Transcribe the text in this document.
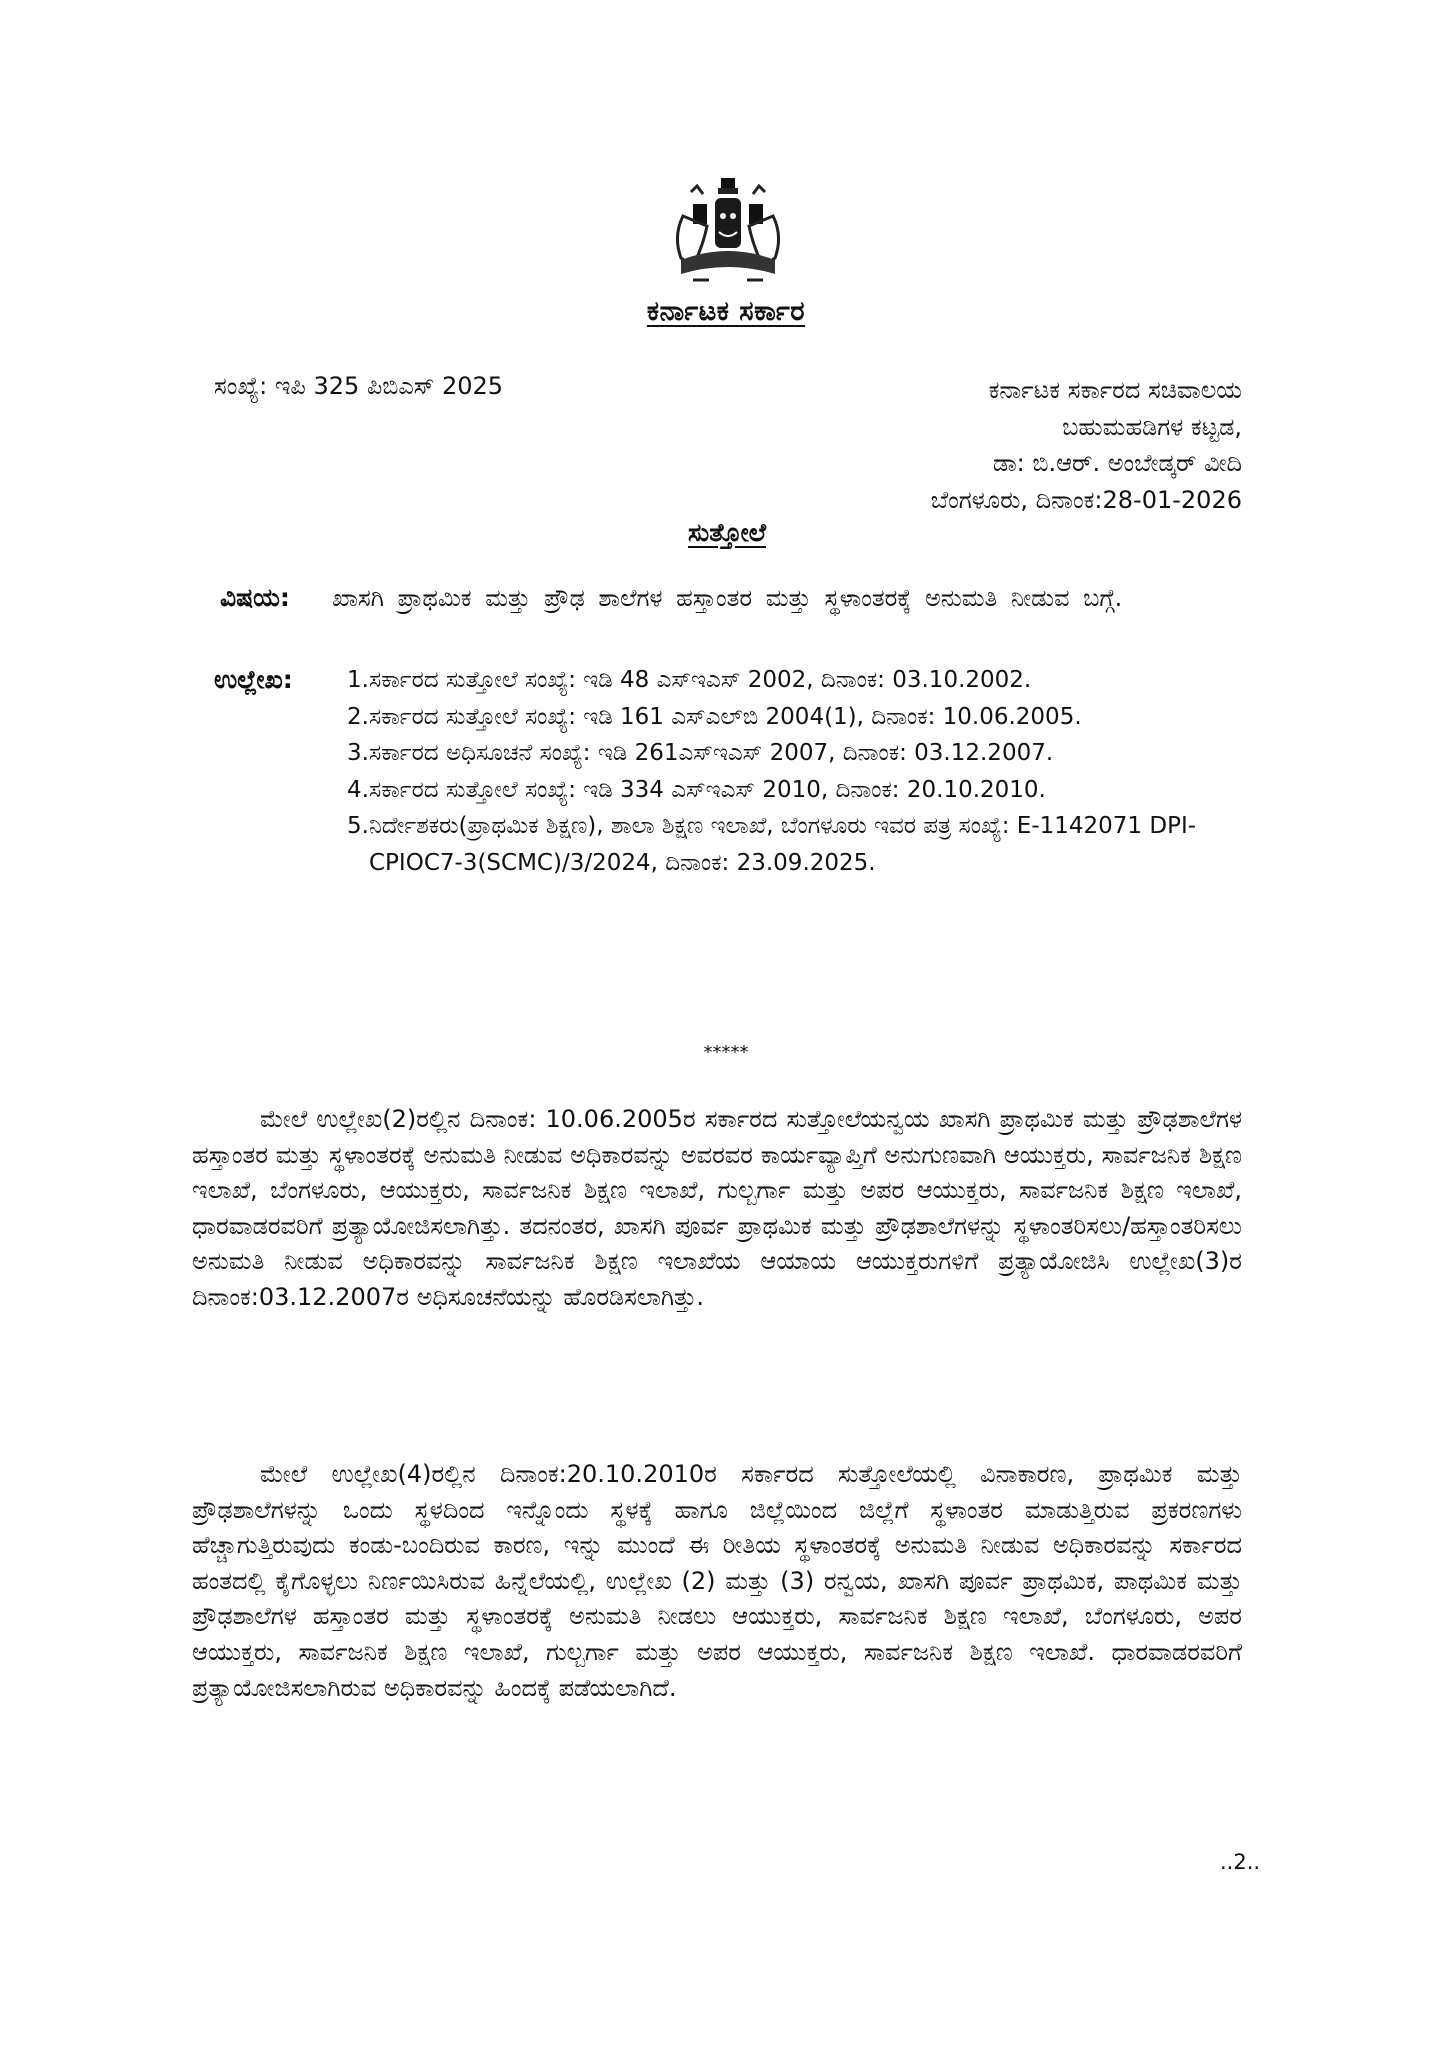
ಕರ್ನಾಟಕ ಸರ್ಕಾರ
ಸಂಖ್ಯೆ: ಇಪಿ 325 ಪಿಬಿಎಸ್ 2025	ಕರ್ನಾಟಕ ಸರ್ಕಾರದ ಸಚಿವಾಲಯ
ಬಹುಮಹಡಿಗಳ ಕಟ್ಟಡ,
ಡಾ: ಬಿ.ಆರ್. ಅಂಬೇಡ್ಕರ್ ವೀದಿ
ಬೆಂಗಳೂರು, ದಿನಾಂಕ:28-01-2026
ಸುತ್ತೋಲೆ
ವಿಷಯ: ಖಾಸಗಿ ಪ್ರಾಥಮಿಕ ಮತ್ತು ಪ್ರೌಢ ಶಾಲೆಗಳ ಹಸ್ತಾಂತರ ಮತ್ತು ಸ್ಥಳಾಂತರಕ್ಕೆ ಅನುಮತಿ ನೀಡುವ ಬಗ್ಗೆ.
ಉಲ್ಲೇಖ: 1. ಸರ್ಕಾರದ ಸುತ್ತೋಲೆ ಸಂಖ್ಯೆ: ಇಡಿ 48 ಎಸ್‌ಇಎಸ್ 2002, ದಿನಾಂಕ: 03.10.2002.
2. ಸರ್ಕಾರದ ಸುತ್ತೋಲೆ ಸಂಖ್ಯೆ: ಇಡಿ 161 ಎಸ್‌ಎಲ್‌ಬಿ 2004(1), ದಿನಾಂಕ: 10.06.2005.
3. ಸರ್ಕಾರದ ಅಧಿಸೂಚನೆ ಸಂಖ್ಯೆ: ಇಡಿ 261ಎಸ್‌ಇಎಸ್ 2007, ದಿನಾಂಕ: 03.12.2007.
4. ಸರ್ಕಾರದ ಸುತ್ತೋಲೆ ಸಂಖ್ಯೆ: ಇಡಿ 334 ಎಸ್‌ಇಎಸ್ 2010, ದಿನಾಂಕ: 20.10.2010.
5. ನಿರ್ದೇಶಕರು(ಪ್ರಾಥಮಿಕ ಶಿಕ್ಷಣ), ಶಾಲಾ ಶಿಕ್ಷಣ ಇಲಾಖೆ, ಬೆಂಗಳೂರು ಇವರ ಪತ್ರ ಸಂಖ್ಯೆ: E-1142071 DPI-CPIOC7-3(SCMC)/3/2024, ದಿನಾಂಕ: 23.09.2025.
*****

ಮೇಲೆ ಉಲ್ಲೇಖ(2)ರಲ್ಲಿನ ದಿನಾಂಕ: 10.06.2005ರ ಸರ್ಕಾರದ ಸುತ್ತೋಲೆಯನ್ವಯ ಖಾಸಗಿ ಪ್ರಾಥಮಿಕ ಮತ್ತು ಪ್ರೌಢಶಾಲೆಗಳ ಹಸ್ತಾಂತರ ಮತ್ತು ಸ್ಥಳಾಂತರಕ್ಕೆ ಅನುಮತಿ ನೀಡುವ ಅಧಿಕಾರವನ್ನು ಅವರವರ ಕಾರ್ಯವ್ಯಾಪ್ತಿಗೆ ಅನುಗುಣವಾಗಿ ಆಯುಕ್ತರು, ಸಾರ್ವಜನಿಕ ಶಿಕ್ಷಣ ಇಲಾಖೆ, ಬೆಂಗಳೂರು, ಆಯುಕ್ತರು, ಸಾರ್ವಜನಿಕ ಶಿಕ್ಷಣ ಇಲಾಖೆ, ಗುಲ್ಬರ್ಗಾ ಮತ್ತು ಅಪರ ಆಯುಕ್ತರು, ಸಾರ್ವಜನಿಕ ಶಿಕ್ಷಣ ಇಲಾಖೆ, ಧಾರವಾಡರವರಿಗೆ ಪ್ರತ್ಯಾಯೋಜಿಸಲಾಗಿತ್ತು. ತದನಂತರ, ಖಾಸಗಿ ಪೂರ್ವ ಪ್ರಾಥಮಿಕ ಮತ್ತು ಪ್ರೌಢಶಾಲೆಗಳನ್ನು ಸ್ಥಳಾಂತರಿಸಲು/ಹಸ್ತಾಂತರಿಸಲು ಅನುಮತಿ ನೀಡುವ ಅಧಿಕಾರವನ್ನು ಸಾರ್ವಜನಿಕ ಶಿಕ್ಷಣ ಇಲಾಖೆಯ ಆಯಾಯ ಆಯುಕ್ತರುಗಳಿಗೆ ಪ್ರತ್ಯಾಯೋಜಿಸಿ ಉಲ್ಲೇಖ(3)ರ ದಿನಾಂಕ:03.12.2007ರ ಅಧಿಸೂಚನೆಯನ್ನು ಹೊರಡಿಸಲಾಗಿತ್ತು.

ಮೇಲೆ ಉಲ್ಲೇಖ(4)ರಲ್ಲಿನ ದಿನಾಂಕ:20.10.2010ರ ಸರ್ಕಾರದ ಸುತ್ತೋಲೆಯಲ್ಲಿ ವಿನಾಕಾರಣ, ಪ್ರಾಥಮಿಕ ಮತ್ತು ಪ್ರೌಢಶಾಲೆಗಳನ್ನು ಒಂದು ಸ್ಥಳದಿಂದ ಇನ್ನೊಂದು ಸ್ಥಳಕ್ಕೆ ಹಾಗೂ ಜಿಲ್ಲೆಯಿಂದ ಜಿಲ್ಲೆಗೆ ಸ್ಥಳಾಂತರ ಮಾಡುತ್ತಿರುವ ಪ್ರಕರಣಗಳು ಹೆಚ್ಚಾಗುತ್ತಿರುವುದು ಕಂಡು-ಬಂದಿರುವ ಕಾರಣ, ಇನ್ನು ಮುಂದೆ ಈ ರೀತಿಯ ಸ್ಥಳಾಂತರಕ್ಕೆ ಅನುಮತಿ ನೀಡುವ ಅಧಿಕಾರವನ್ನು ಸರ್ಕಾರದ ಹಂತದಲ್ಲಿ ಕೈಗೊಳ್ಳಲು ನಿರ್ಣಯಿಸಿರುವ ಹಿನ್ನೆಲೆಯಲ್ಲಿ, ಉಲ್ಲೇಖ (2) ಮತ್ತು (3) ರನ್ವಯ, ಖಾಸಗಿ ಪೂರ್ವ ಪ್ರಾಥಮಿಕ, ಪಾಥಮಿಕ ಮತ್ತು ಪ್ರೌಢಶಾಲೆಗಳ ಹಸ್ತಾಂತರ ಮತ್ತು ಸ್ಥಳಾಂತರಕ್ಕೆ ಅನುಮತಿ ನೀಡಲು ಆಯುಕ್ತರು, ಸಾರ್ವಜನಿಕ ಶಿಕ್ಷಣ ಇಲಾಖೆ, ಬೆಂಗಳೂರು, ಅಪರ ಆಯುಕ್ತರು, ಸಾರ್ವಜನಿಕ ಶಿಕ್ಷಣ ಇಲಾಖೆ, ಗುಲ್ಬರ್ಗಾ ಮತ್ತು ಅಪರ ಆಯುಕ್ತರು, ಸಾರ್ವಜನಿಕ ಶಿಕ್ಷಣ ಇಲಾಖೆ. ಧಾರವಾಡರವರಿಗೆ ಪ್ರತ್ಯಾಯೋಜಿಸಲಾಗಿರುವ ಅಧಿಕಾರವನ್ನು ಹಿಂದಕ್ಕೆ ಪಡೆಯಲಾಗಿದೆ.

..2..
